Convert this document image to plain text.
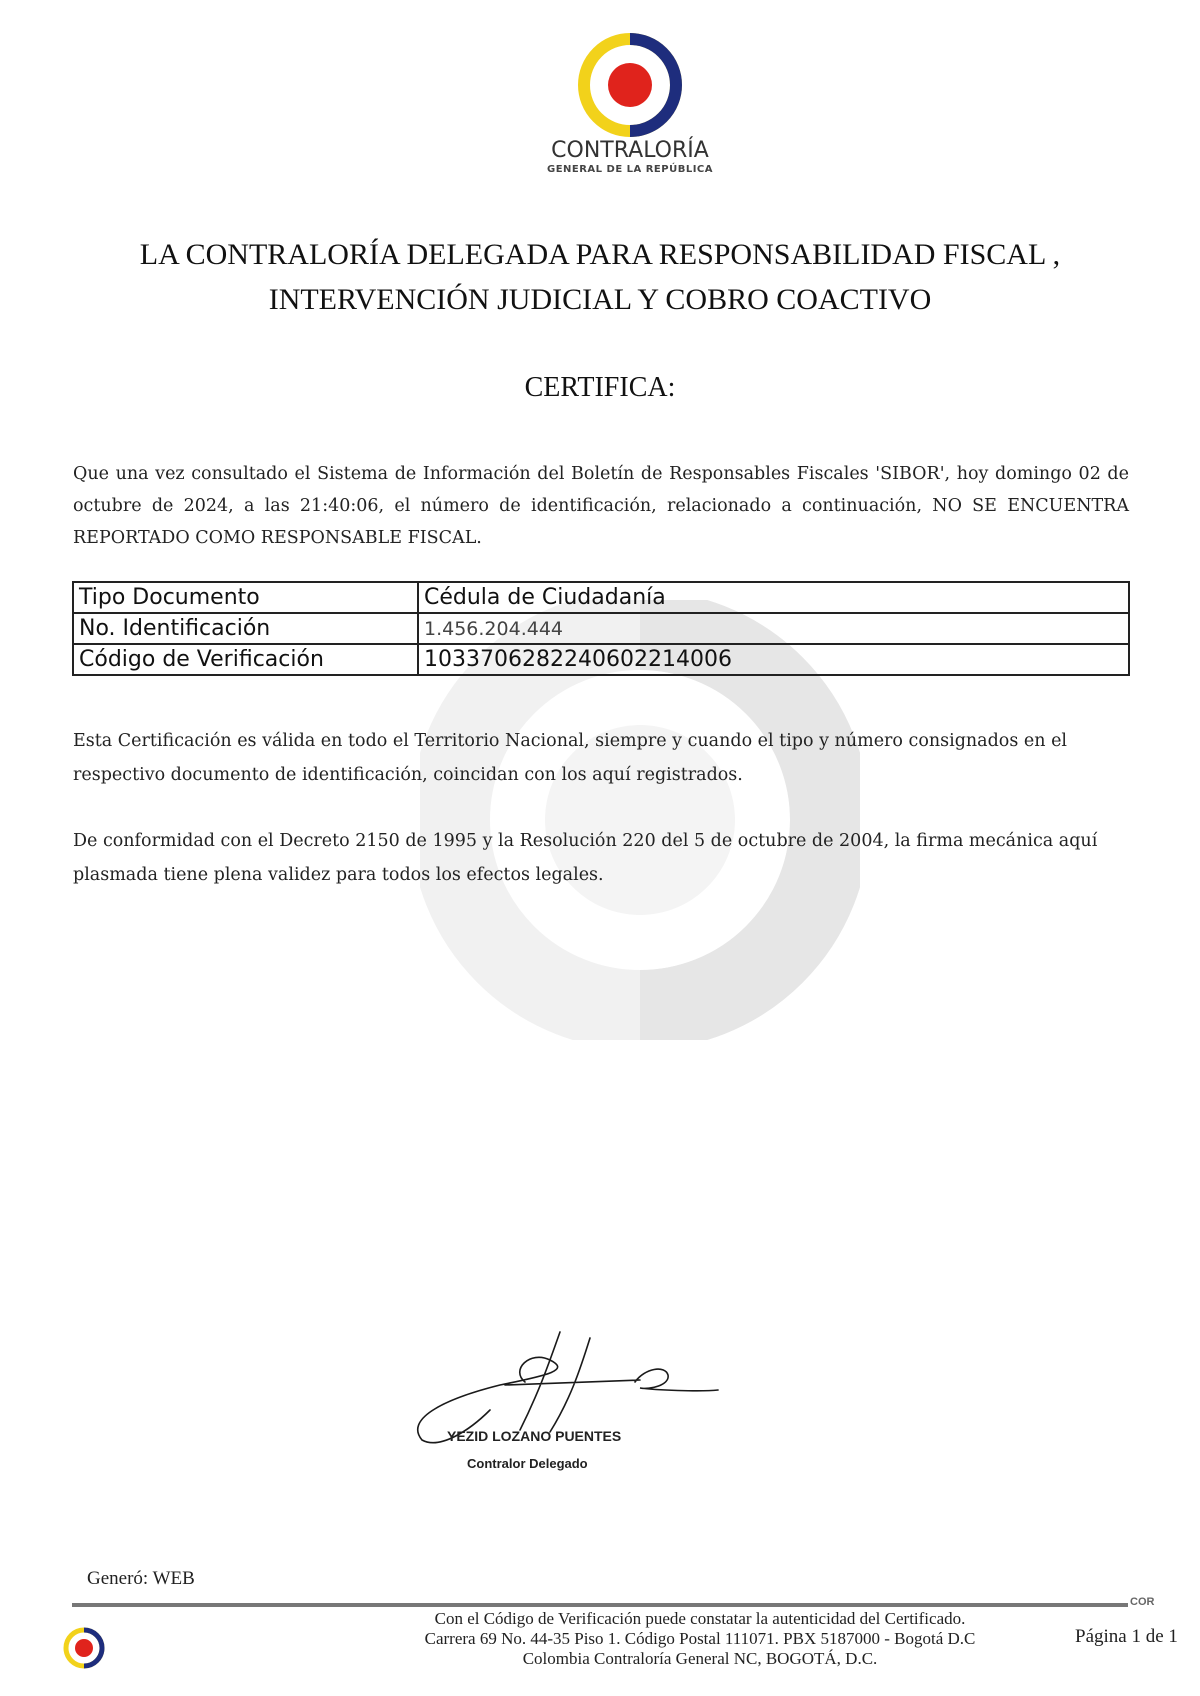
CONTRALORÍA
GENERAL DE LA REPÚBLICA
LA CONTRALORÍA DELEGADA PARA RESPONSABILIDAD FISCAL ,
INTERVENCIÓN JUDICIAL Y COBRO COACTIVO
CERTIFICA:
Que una vez consultado el Sistema de Información del Boletín de Responsables Fiscales 'SIBOR', hoy domingo 02 de octubre de 2024, a las 21:40:06, el número de identificación, relacionado a continuación, NO SE ENCUENTRA REPORTADO COMO RESPONSABLE FISCAL.
Tipo Documento	Cédula de Ciudadanía
No. Identificación	1.456.204.444
Código de Verificación	1033706282240602214006
Esta Certificación es válida en todo el Territorio Nacional, siempre y cuando el tipo y número consignados en el respectivo documento de identificación, coincidan con los aquí registrados.
De conformidad con el Decreto 2150 de 1995 y la Resolución 220 del 5 de octubre de 2004, la firma mecánica aquí plasmada tiene plena validez para todos los efectos legales.
YEZID LOZANO PUENTES
Contralor Delegado
Generó: WEB
COR
Con el Código de Verificación puede constatar la autenticidad del Certificado.
Carrera 69 No. 44-35 Piso 1. Código Postal 111071. PBX 5187000 - Bogotá D.C
Colombia Contraloría General NC, BOGOTÁ, D.C.
Página 1 de 1
